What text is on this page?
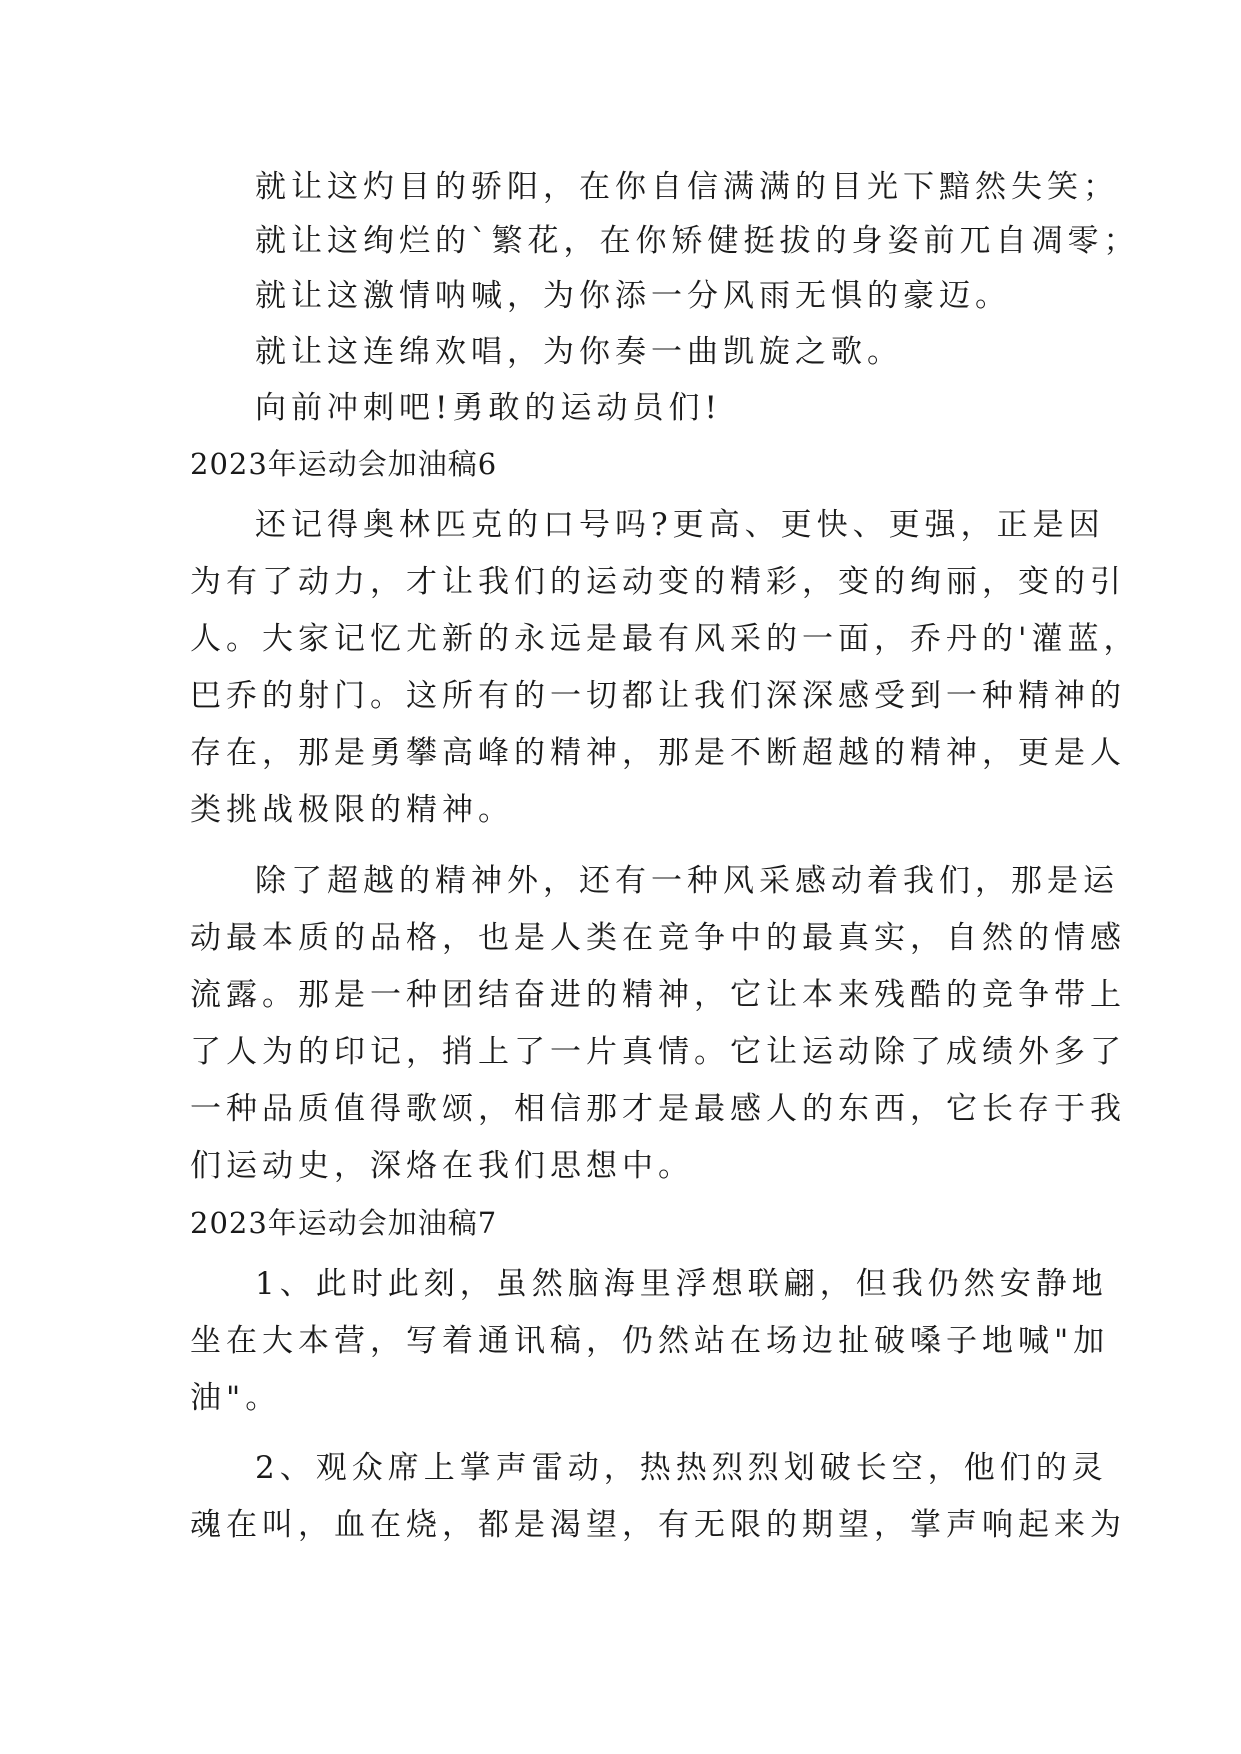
就让这灼目的骄阳，在你自信满满的目光下黯然失笑；
就让这绚烂的`繁花，在你矫健挺拔的身姿前兀自凋零；
就让这激情呐喊，为你添一分风雨无惧的豪迈。
就让这连绵欢唱，为你奏一曲凯旋之歌。
向前冲刺吧!勇敢的运动员们!
2023年运动会加油稿6
还记得奥林匹克的口号吗?更高、更快、更强，正是因
为有了动力，才让我们的运动变的精彩，变的绚丽，变的引
人。大家记忆尤新的永远是最有风采的一面，乔丹的'灌蓝，
巴乔的射门。这所有的一切都让我们深深感受到一种精神的
存在，那是勇攀高峰的精神，那是不断超越的精神，更是人
类挑战极限的精神。
除了超越的精神外，还有一种风采感动着我们，那是运
动最本质的品格，也是人类在竞争中的最真实，自然的情感
流露。那是一种团结奋进的精神，它让本来残酷的竞争带上
了人为的印记，捎上了一片真情。它让运动除了成绩外多了
一种品质值得歌颂，相信那才是最感人的东西，它长存于我
们运动史，深烙在我们思想中。
2023年运动会加油稿7
1、此时此刻，虽然脑海里浮想联翩，但我仍然安静地
坐在大本营，写着通讯稿，仍然站在场边扯破嗓子地喊"加
油"。
2、观众席上掌声雷动，热热烈烈划破长空，他们的灵
魂在叫，血在烧，都是渴望，有无限的期望，掌声响起来为
